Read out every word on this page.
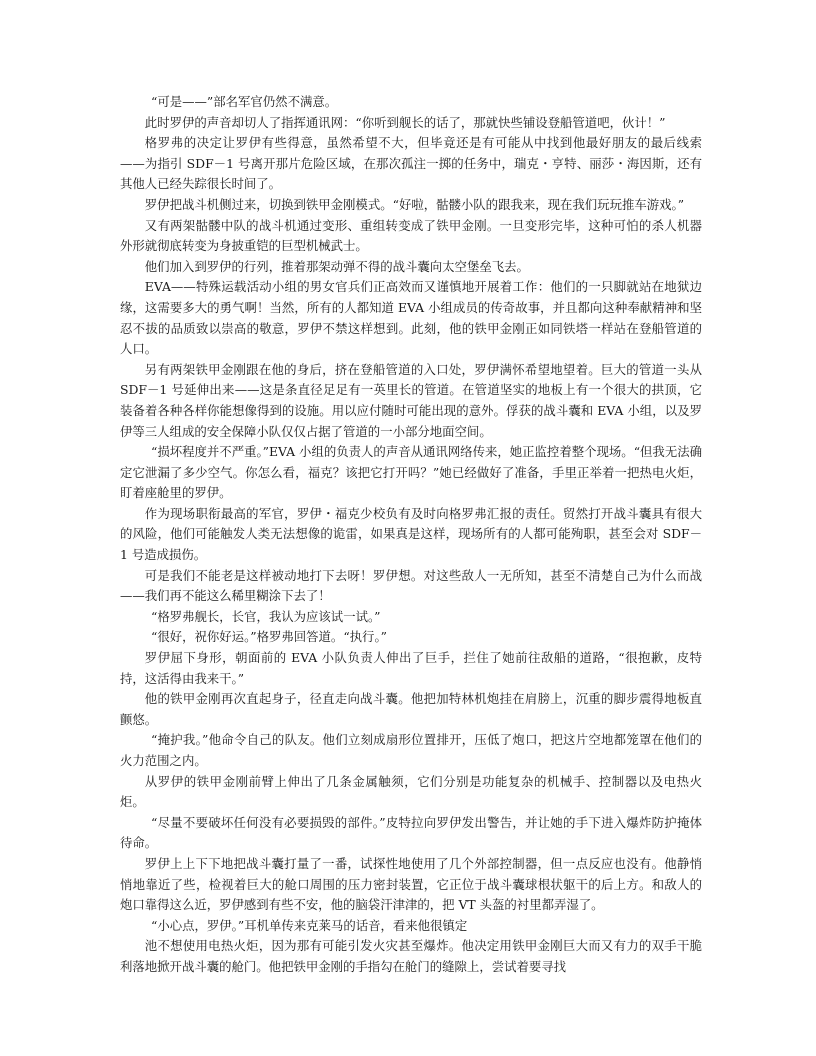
“可是——”部名军官仍然不满意。

此时罗伊的声音却切人了指挥通讯网：“你听到舰长的话了，那就快些铺设登船管道吧，伙计！”

格罗弗的决定让罗伊有些得意，虽然希望不大，但毕竟还是有可能从中找到他最好朋友的最后线索——为指引 SDF－1 号离开那片危险区域，在那次孤注一掷的任务中，瑞克・亨特、丽莎・海因斯，还有其他人已经失踪很长时间了。

罗伊把战斗机侧过来，切换到铁甲金刚模式。“好啦，骷髅小队的跟我来，现在我们玩玩推车游戏。”

又有两架骷髅中队的战斗机通过变形、重组转变成了铁甲金刚。一旦变形完毕，这种可怕的杀人机器外形就彻底转变为身披重铠的巨型机械武士。

他们加入到罗伊的行列，推着那架动弹不得的战斗囊向太空堡垒飞去。

EVA——特殊运载活动小组的男女官兵们正高效而又谨慎地开展着工作：他们的一只脚就站在地狱边缘，这需要多大的勇气啊！当然，所有的人都知道 EVA 小组成员的传奇故事，并且都向这种奉献精神和坚忍不拔的品质致以崇高的敬意，罗伊不禁这样想到。此刻，他的铁甲金刚正如同铁塔一样站在登船管道的人口。

另有两架铁甲金刚跟在他的身后，挤在登船管道的入口处，罗伊满怀希望地望着。巨大的管道一头从 SDF－1 号延伸出来——这是条直径足足有一英里长的管道。在管道坚实的地板上有一个很大的拱顶，它装备着各种各样你能想像得到的设施。用以应付随时可能出现的意外。俘获的战斗囊和 EVA 小组，以及罗伊等三人组成的安全保障小队仅仅占据了管道的一小部分地面空间。

“损坏程度并不严重。”EVA 小组的负责人的声音从通讯网络传来，她正监控着整个现场。“但我无法确定它泄漏了多少空气。你怎么看，福克？该把它打开吗？”她已经做好了准备，手里正举着一把热电火炬，盯着座舱里的罗伊。

作为现场职衔最高的军官，罗伊・福克少校负有及时向格罗弗汇报的责任。贸然打开战斗囊具有很大的风险，他们可能触发人类无法想像的诡雷，如果真是这样，现场所有的人都可能殉职，甚至会对 SDF－1 号造成损伤。

可是我们不能老是这样被动地打下去呀！罗伊想。对这些敌人一无所知，甚至不清楚自己为什么而战——我们再不能这么稀里糊涂下去了！

“格罗弗舰长，长官，我认为应该试一试。”

“很好，祝你好运。”格罗弗回答道。“执行。”

罗伊屈下身形，朝面前的 EVA 小队负责人伸出了巨手，拦住了她前往敌船的道路，“很抱歉，皮特持，这活得由我来干。”

他的铁甲金刚再次直起身子，径直走向战斗囊。他把加特林机炮挂在肩膀上，沉重的脚步震得地板直颤悠。

“掩护我。”他命令自己的队友。他们立刻成扇形位置排开，压低了炮口，把这片空地都笼罩在他们的火力范围之内。

从罗伊的铁甲金刚前臂上伸出了几条金属触须，它们分别是功能复杂的机械手、控制器以及电热火炬。

“尽量不要破坏任何没有必要损毁的部件。”皮特拉向罗伊发出警告，并让她的手下进入爆炸防护掩体待命。

罗伊上上下下地把战斗囊打量了一番，试探性地使用了几个外部控制器，但一点反应也没有。他静悄悄地靠近了些，检视着巨大的舱口周围的压力密封装置，它正位于战斗囊球根状躯干的后上方。和敌人的炮口靠得这么近，罗伊感到有些不安，他的脑袋汗津津的，把 VT 头盔的衬里都弄湿了。

“小心点，罗伊。”耳机单传来克莱马的话音，看来他很镇定

池不想使用电热火炬，因为那有可能引发火灾甚至爆炸。他决定用铁甲金刚巨大而又有力的双手干脆利落地掀开战斗囊的舱门。他把铁甲金刚的手指勾在舱门的缝隙上，尝试着要寻找
